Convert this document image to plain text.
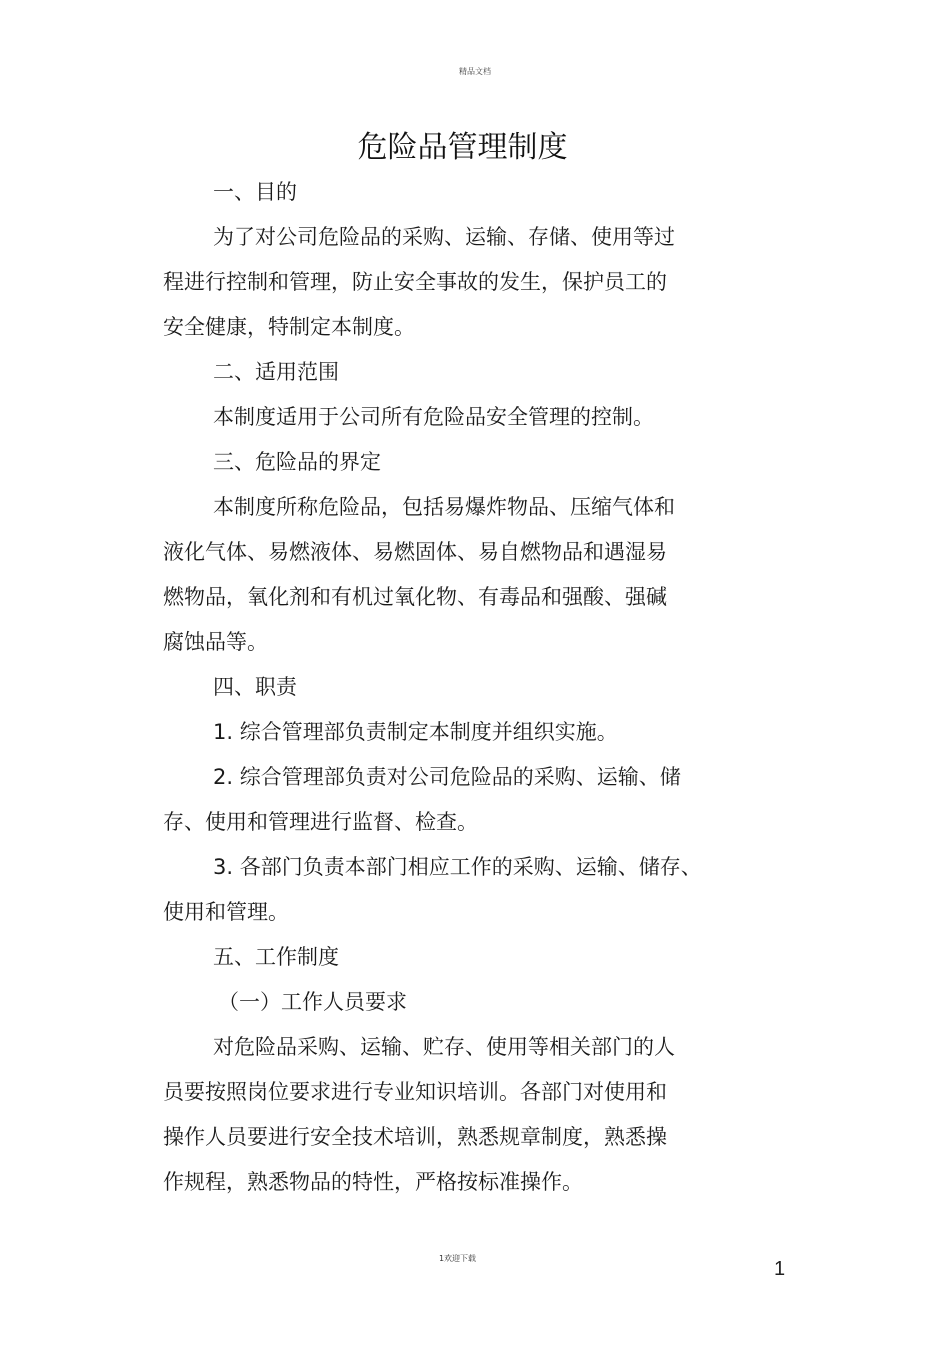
精品文档
危险品管理制度
一、目的
为了对公司危险品的采购、运输、存储、使用等过
程进行控制和管理，防止安全事故的发生，保护员工的
安全健康，特制定本制度。
二、适用范围
本制度适用于公司所有危险品安全管理的控制。
三、危险品的界定
本制度所称危险品，包括易爆炸物品、压缩气体和
液化气体、易燃液体、易燃固体、易自燃物品和遇湿易
燃物品，氧化剂和有机过氧化物、有毒品和强酸、强碱
腐蚀品等。
四、职责
1. 综合管理部负责制定本制度并组织实施。
2. 综合管理部负责对公司危险品的采购、运输、储
存、使用和管理进行监督、检查。
3. 各部门负责本部门相应工作的采购、运输、储存、
使用和管理。
五、工作制度
（一）工作人员要求
对危险品采购、运输、贮存、使用等相关部门的人
员要按照岗位要求进行专业知识培训。各部门对使用和
操作人员要进行安全技术培训，熟悉规章制度，熟悉操
作规程，熟悉物品的特性，严格按标准操作。
1欢迎下载	1
